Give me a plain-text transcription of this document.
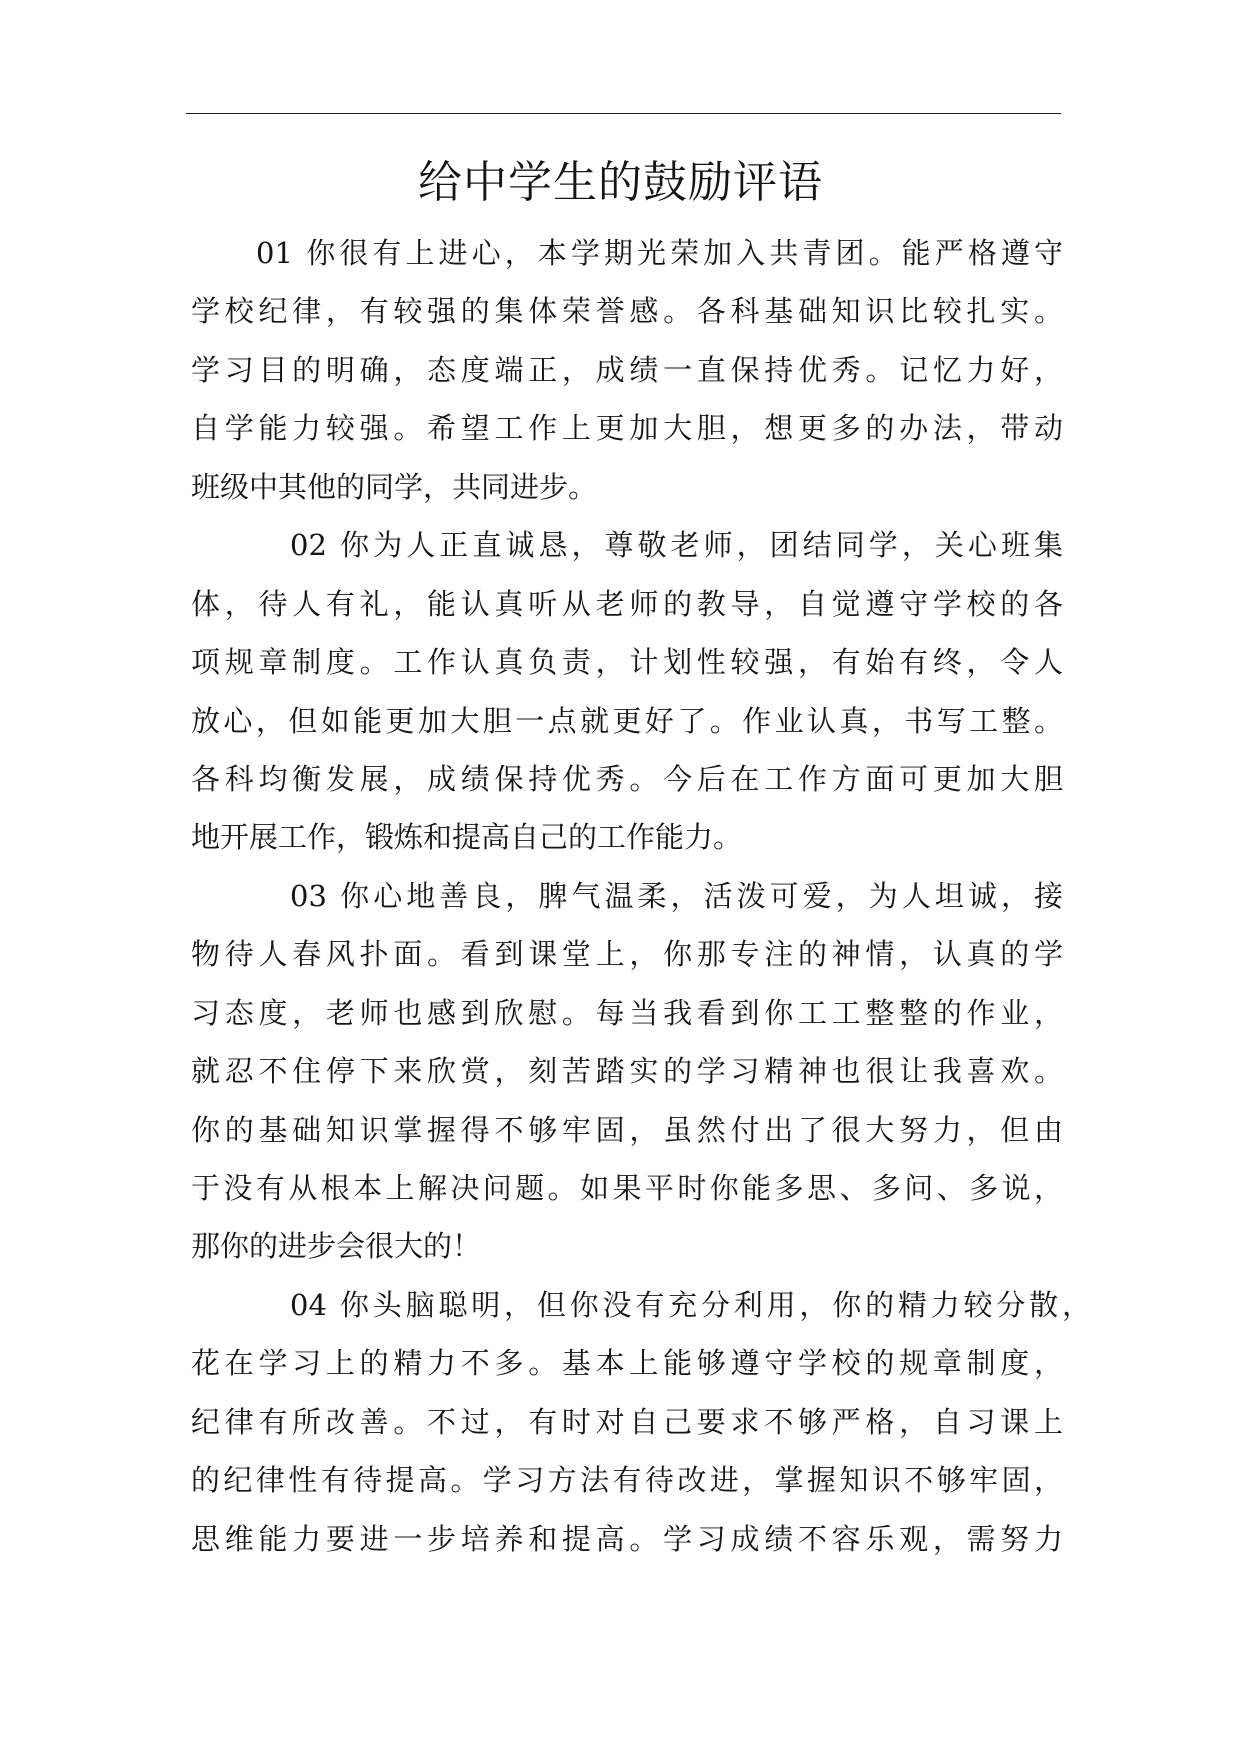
给中学生的鼓励评语
01 你很有上进心，本学期光荣加入共青团。能严格遵守
学校纪律，有较强的集体荣誉感。各科基础知识比较扎实。
学习目的明确，态度端正，成绩一直保持优秀。记忆力好，
自学能力较强。希望工作上更加大胆，想更多的办法，带动
班级中其他的同学，共同进步。
02 你为人正直诚恳，尊敬老师，团结同学，关心班集
体，待人有礼，能认真听从老师的教导，自觉遵守学校的各
项规章制度。工作认真负责，计划性较强，有始有终，令人
放心，但如能更加大胆一点就更好了。作业认真，书写工整。
各科均衡发展，成绩保持优秀。今后在工作方面可更加大胆
地开展工作，锻炼和提高自己的工作能力。
03 你心地善良，脾气温柔，活泼可爱，为人坦诚，接
物待人春风扑面。看到课堂上，你那专注的神情，认真的学
习态度，老师也感到欣慰。每当我看到你工工整整的作业，
就忍不住停下来欣赏，刻苦踏实的学习精神也很让我喜欢。
你的基础知识掌握得不够牢固，虽然付出了很大努力，但由
于没有从根本上解决问题。如果平时你能多思、多问、多说，
那你的进步会很大的！
04 你头脑聪明，但你没有充分利用，你的精力较分散，
花在学习上的精力不多。基本上能够遵守学校的规章制度，
纪律有所改善。不过，有时对自己要求不够严格，自习课上
的纪律性有待提高。学习方法有待改进，掌握知识不够牢固，
思维能力要进一步培养和提高。学习成绩不容乐观，需努力
